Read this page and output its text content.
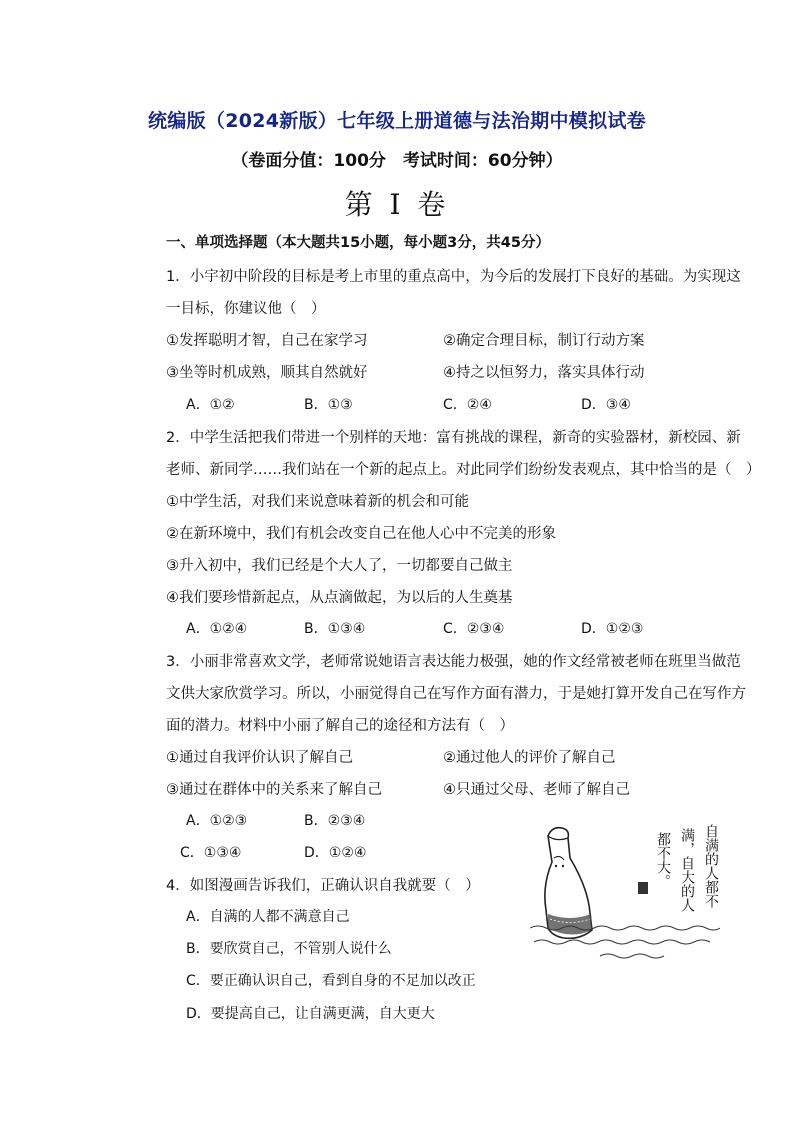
统编版（2024新版）七年级上册道德与法治期中模拟试卷
（卷面分值：100分　考试时间：60分钟）
第 I 卷
一、单项选择题（本大题共15小题，每小题3分，共45分）
1．小宇初中阶段的目标是考上市里的重点高中，为今后的发展打下良好的基础。为实现这
一目标，你建议他（　）
①发挥聪明才智，自己在家学习	②确定合理目标，制订行动方案
③坐等时机成熟，顺其自然就好	④持之以恒努力，落实具体行动
A．①②	B．①③	C．②④	D．③④
2．中学生活把我们带进一个别样的天地：富有挑战的课程，新奇的实验器材，新校园、新
老师、新同学……我们站在一个新的起点上。对此同学们纷纷发表观点，其中恰当的是（　）
①中学生活，对我们来说意味着新的机会和可能
②在新环境中，我们有机会改变自己在他人心中不完美的形象
③升入初中，我们已经是个大人了，一切都要自己做主
④我们要珍惜新起点，从点滴做起，为以后的人生奠基
A．①②④	B．①③④	C．②③④	D．①②③
3．小丽非常喜欢文学，老师常说她语言表达能力极强，她的作文经常被老师在班里当做范
文供大家欣赏学习。所以，小丽觉得自己在写作方面有潜力，于是她打算开发自己在写作方
面的潜力。材料中小丽了解自己的途径和方法有（　）
①通过自我评价认识了解自己	②通过他人的评价了解自己
③通过在群体中的关系来了解自己	④只通过父母、老师了解自己
A．①②③	B．②③④
C．①③④	D．①②④
4．如图漫画告诉我们，正确认识自我就要（　）
A．自满的人都不满意自己
B．要欣赏自己，不管别人说什么
C．要正确认识自己，看到自身的不足加以改正
D．要提高自己，让自满更满，自大更大
自满的人都不
满，自大的人
都不大。
